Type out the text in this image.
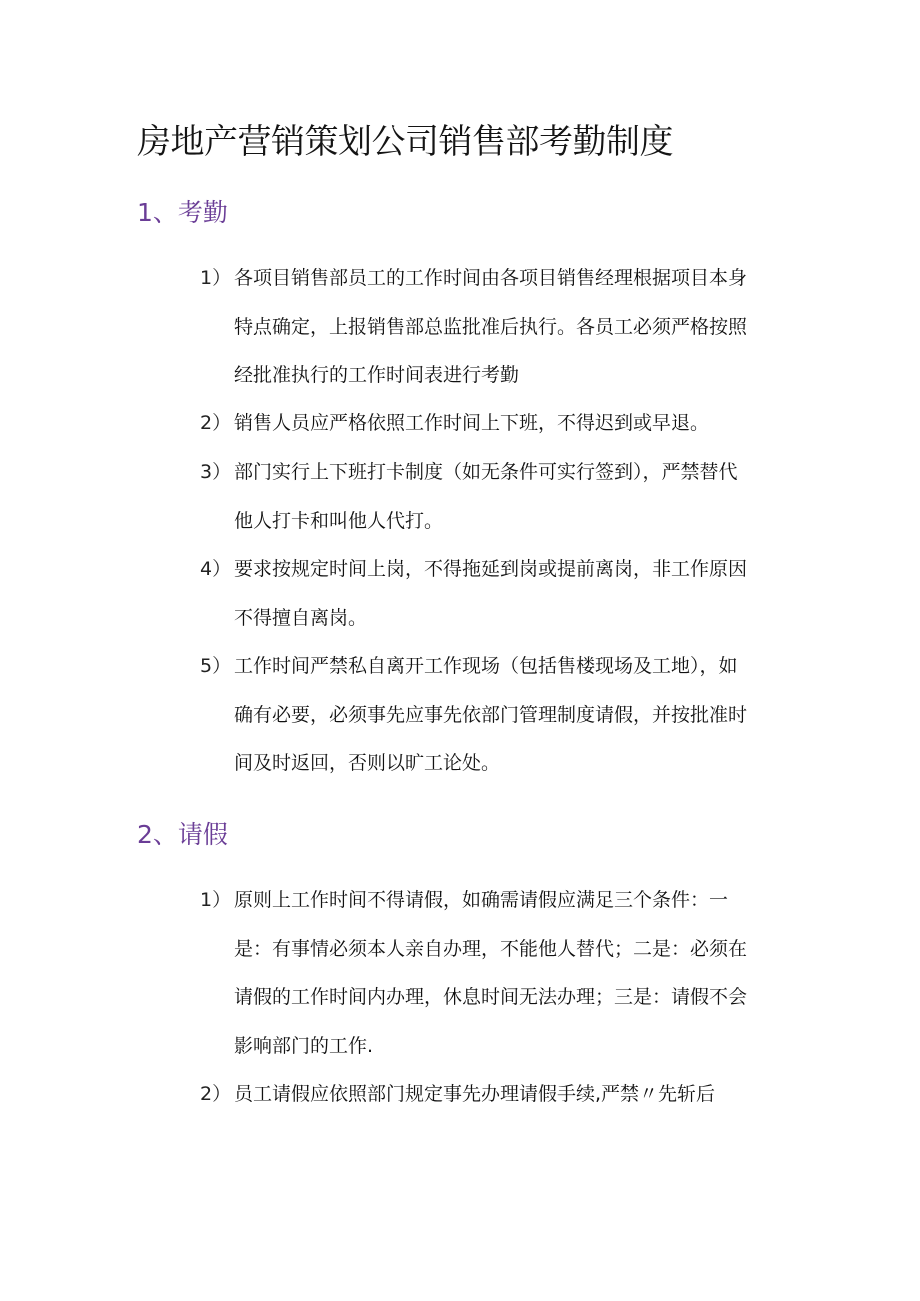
房地产营销策划公司销售部考勤制度
1、考勤
1） 各项目销售部员工的工作时间由各项目销售经理根据项目本身
特点确定，上报销售部总监批准后执行。各员工必须严格按照
经批准执行的工作时间表进行考勤
2） 销售人员应严格依照工作时间上下班，不得迟到或早退。
3） 部门实行上下班打卡制度（如无条件可实行签到），严禁替代
他人打卡和叫他人代打。
4） 要求按规定时间上岗，不得拖延到岗或提前离岗，非工作原因
不得擅自离岗。
5） 工作时间严禁私自离开工作现场（包括售楼现场及工地），如
确有必要，必须事先应事先依部门管理制度请假，并按批准时
间及时返回，否则以旷工论处。
2、请假
1） 原则上工作时间不得请假，如确需请假应满足三个条件：一
是：有事情必须本人亲自办理，不能他人替代；二是：必须在
请假的工作时间内办理，休息时间无法办理；三是：请假不会
影响部门的工作.
2） 员工请假应依照部门规定事先办理请假手续,严禁〃先斩后
